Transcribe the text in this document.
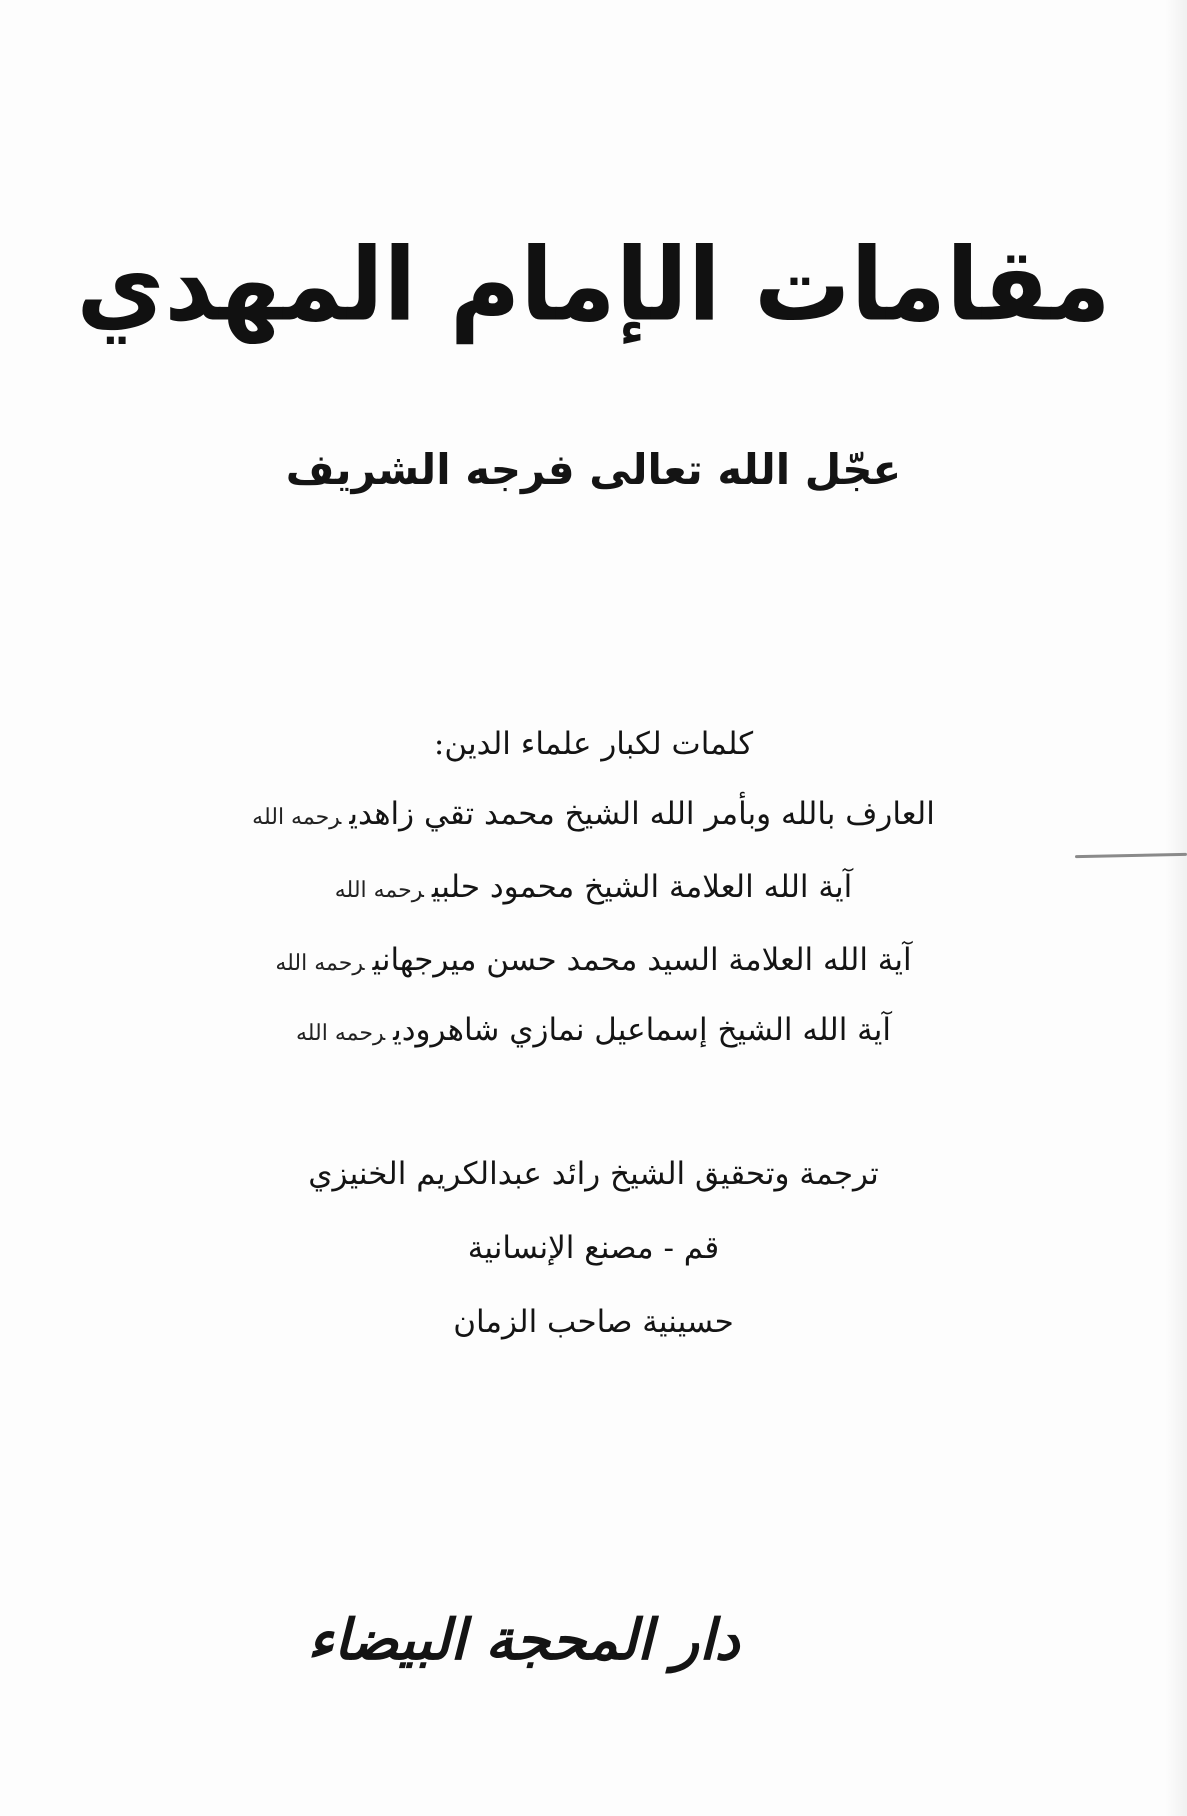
مقامات الإمام المهدي
عجّل الله تعالى فرجه الشريف
كلمات لكبار علماء الدين:
العارف بالله وبأمر الله الشيخ محمد تقي زاهديرحمه الله
آية الله العلامة الشيخ محمود حلبيرحمه الله
آية الله العلامة السيد محمد حسن ميرجهانيرحمه الله
آية الله الشيخ إسماعيل نمازي شاهروديرحمه الله
ترجمة وتحقيق الشيخ رائد عبدالكريم الخنيزي
قم - مصنع الإنسانية
حسينية صاحب الزمان
دار المحجة البيضاء
